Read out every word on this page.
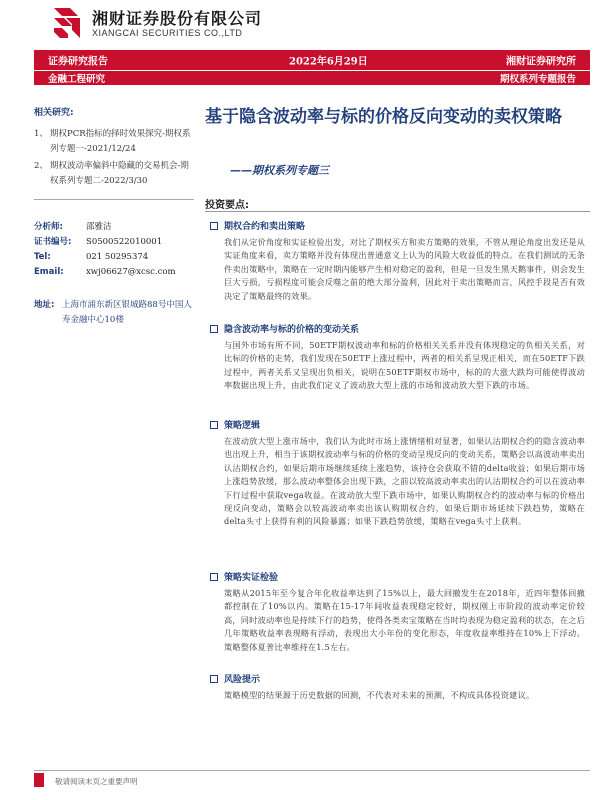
湘财证券股份有限公司
XIANGCAI SECURITIES CO.,LTD
证券研究报告	2022年6月29日	湘财证券研究所
金融工程研究	期权系列专题报告
相关研究:
1、 期权PCR指标的择时效果探究-期权系列专题一-2021/12/24
2、 期权波动率偏斜中隐藏的交易机会-期权系列专题二-2022/3/30
分析师:	邵雅洁
证书编号:	S0500522010001
Tel:	021 50295374
Email:	xwj06627@xcsc.com
地址: 上海市浦东新区银城路88号中国人寿金融中心10楼
基于隐含波动率与标的价格反向变动的卖权策略
——期权系列专题三
投资要点:
期权合约和卖出策略
我们从定价角度和实证检验出发，对比了期权买方和卖方策略的效果，不管从理论角度出发还是从实证角度来看，卖方策略并没有体现出普通意义上认为的风险大收益低的特点。在我们测试的无条件卖出策略中，策略在一定时期内能够产生相对稳定的盈利，但是一旦发生黑天鹅事件，则会发生巨大亏损，亏损程度可能会反噬之前的绝大部分盈利，因此对于卖出策略而言，风控手段是否有效决定了策略最终的效果。
隐含波动率与标的价格的变动关系
与国外市场有所不同，50ETF期权波动率和标的价格相关关系并没有体现稳定的负相关关系，对比标的价格的走势，我们发现在50ETF上涨过程中，两者的相关系呈现正相关，而在50ETF下跌过程中，两者关系又呈现出负相关，说明在50ETF期权市场中，标的的大涨大跌均可能使得波动率数据出现上升，由此我们定义了波动放大型上涨的市场和波动放大型下跌的市场。
策略逻辑
在波动放大型上涨市场中，我们认为此时市场上涨情绪相对显著，如果认沽期权合约的隐含波动率也出现上升，相当于该期权波动率与标的价格的变动呈现反向的变动关系，策略会以高波动率卖出认沽期权合约，如果后期市场继续延续上涨趋势，该持仓会获取不错的delta收益；如果后期市场上涨趋势放缓，那么波动率整体会出现下跌，之前以较高波动率卖出的认沽期权合约可以在波动率下行过程中获取vega收益。在波动放大型下跌市场中，如果认购期权合约的波动率与标的价格出现反向变动，策略会以较高波动率卖出该认购期权合约，如果后期市场延续下跌趋势，策略在delta头寸上获得有利的风险暴露；如果下跌趋势放缓，策略在vega头寸上获利。
策略实证检验
策略从2015年至今复合年化收益率达到了15%以上，最大回撤发生在2018年，近四年整体回撤都控制在了10%以内。策略在15-17年间收益表现稳定较好，期权刚上市阶段的波动率定价较高，同时波动率也是持续下行的趋势，使得各类卖宝策略在当时均表现为稳定盈利的状态，在之后几年策略收益率表现略有浮动，表现出大小年份的变化形态，年度收益率维持在10%上下浮动。策略整体夏普比率维持在1.5左右。
风险提示
策略模型的结果源于历史数据的回测，不代表对未来的预测，不构成具体投资建议。
敬请阅读末页之重要声明
